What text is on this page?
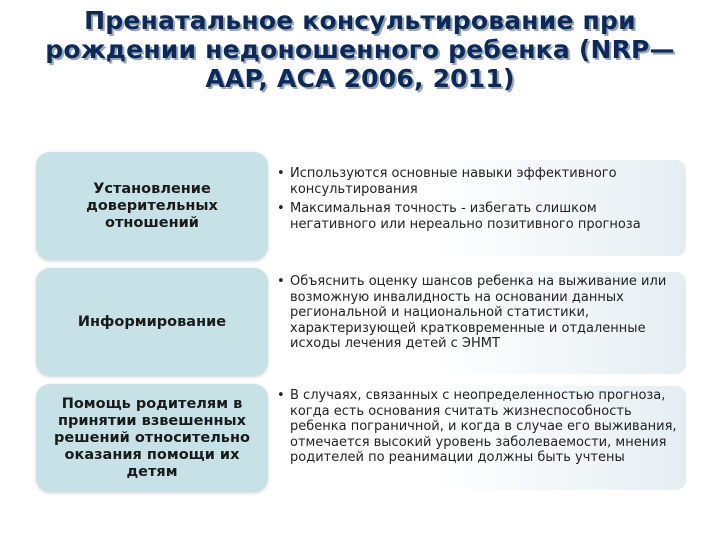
Пренатальное консультирование при рождении недоношенного ребенка (NRP—AAP, ACA 2006, 2011)
Установление доверительных отношений
• Используются основные навыки эффективного консультирования
• Максимальная точность - избегать слишком негативного или нереально позитивного прогноза
Информирование
• Объяснить оценку шансов ребенка на выживание или возможную инвалидность на основании данных региональной и национальной статистики, характеризующей кратковременные и отдаленные исходы лечения детей с ЭНМТ
Помощь родителям в принятии взвешенных решений относительно оказания помощи их детям
• В случаях, связанных с неопределенностью прогноза, когда есть основания считать жизнеспособность ребенка пограничной, и когда в случае его выживания, отмечается высокий уровень заболеваемости, мнения родителей по реанимации должны быть учтены
